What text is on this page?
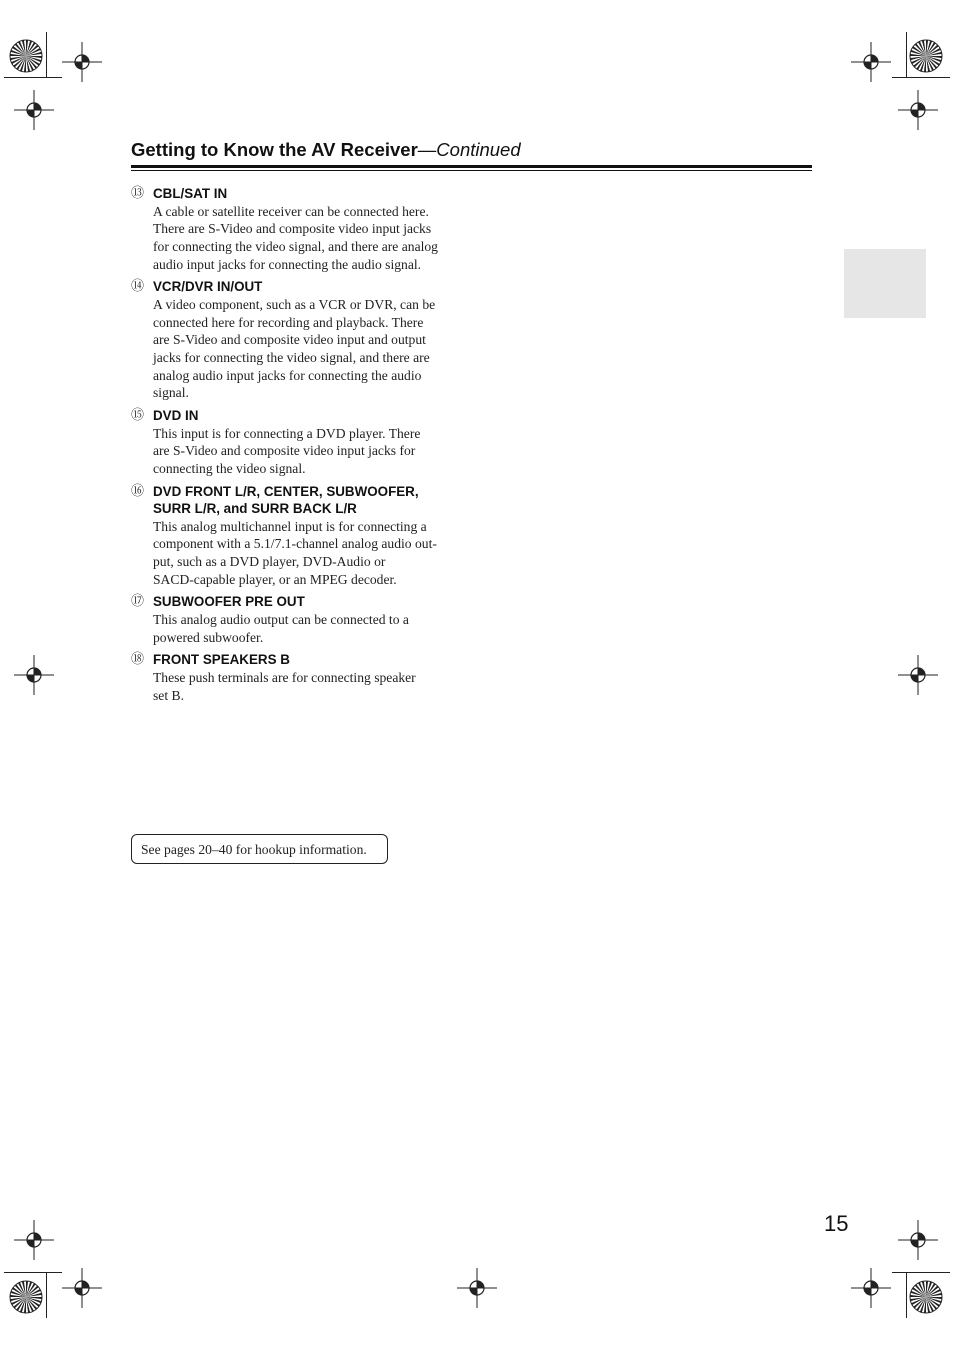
Getting to Know the AV Receiver—Continued
⑬ CBL/SAT IN
A cable or satellite receiver can be connected here.
There are S-Video and composite video input jacks
for connecting the video signal, and there are analog
audio input jacks for connecting the audio signal.
⑭ VCR/DVR IN/OUT
A video component, such as a VCR or DVR, can be
connected here for recording and playback. There
are S-Video and composite video input and output
jacks for connecting the video signal, and there are
analog audio input jacks for connecting the audio
signal.
⑮ DVD IN
This input is for connecting a DVD player. There
are S-Video and composite video input jacks for
connecting the video signal.
⑯ DVD FRONT L/R, CENTER, SUBWOOFER,
SURR L/R, and SURR BACK L/R
This analog multichannel input is for connecting a
component with a 5.1/7.1-channel analog audio out-
put, such as a DVD player, DVD-Audio or
SACD-capable player, or an MPEG decoder.
⑰ SUBWOOFER PRE OUT
This analog audio output can be connected to a
powered subwoofer.
⑱ FRONT SPEAKERS B
These push terminals are for connecting speaker
set B.
See pages 20–40 for hookup information.
15
